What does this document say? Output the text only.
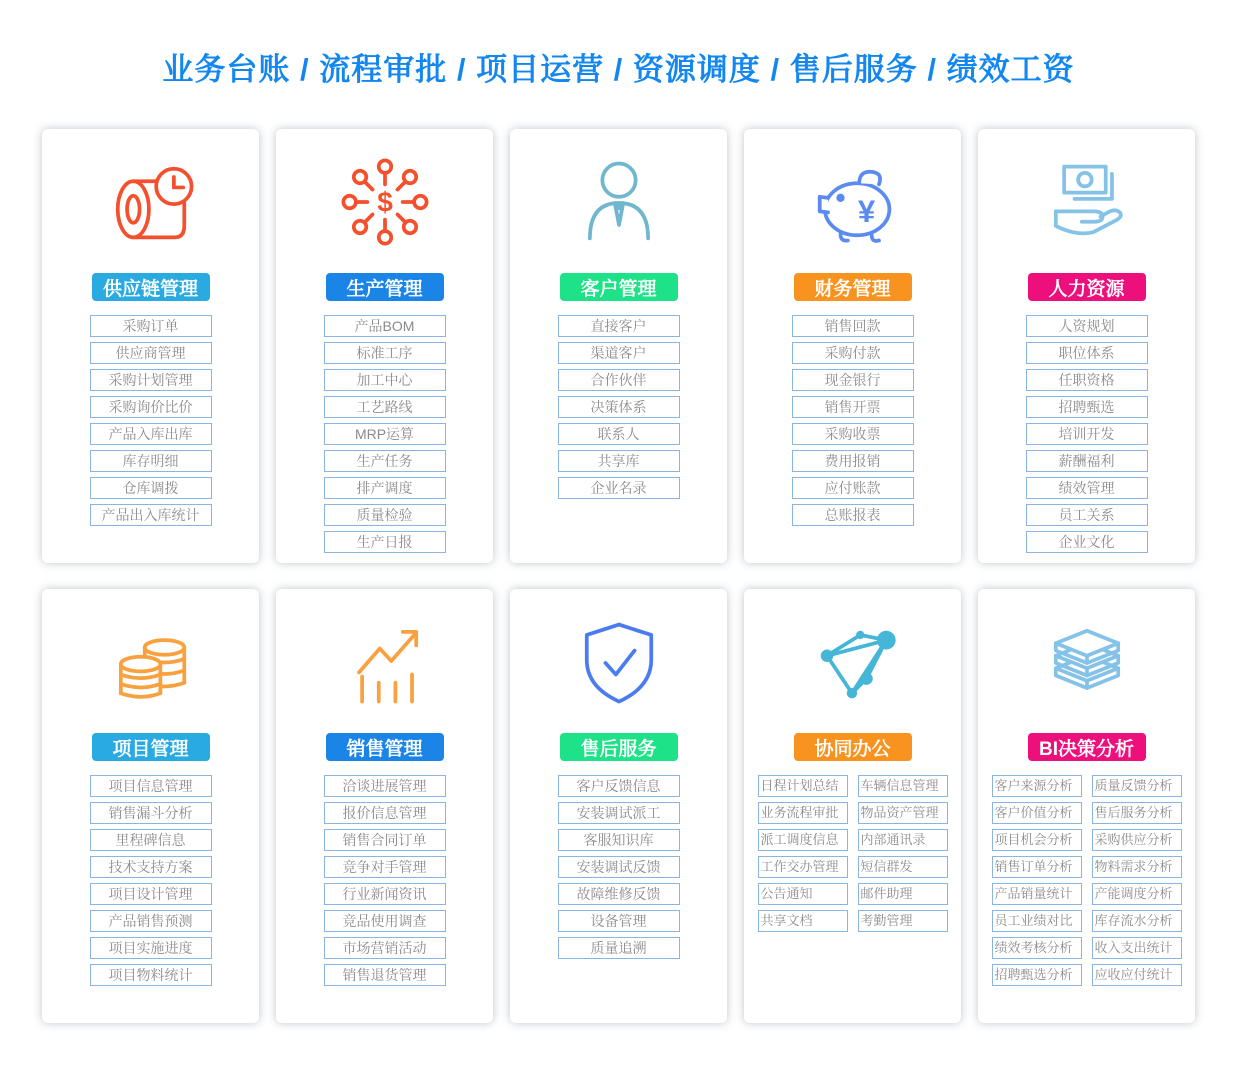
业务台账 / 流程审批 / 项目运营 / 资源调度 / 售后服务 / 绩效工资
供应链管理
采购订单
供应商管理
采购计划管理
采购询价比价
产品入库出库
库存明细
仓库调拨
产品出入库统计
$
生产管理
产品BOM
标准工序
加工中心
工艺路线
MRP运算
生产任务
排产调度
质量检验
生产日报
客户管理
直接客户
渠道客户
合作伙伴
决策体系
联系人
共享库
企业名录
¥
财务管理
销售回款
采购付款
现金银行
销售开票
采购收票
费用报销
应付账款
总账报表
人力资源
人资规划
职位体系
任职资格
招聘甄选
培训开发
薪酬福利
绩效管理
员工关系
企业文化
项目管理
项目信息管理
销售漏斗分析
里程碑信息
技术支持方案
项目设计管理
产品销售预测
项目实施进度
项目物料统计
销售管理
洽谈进展管理
报价信息管理
销售合同订单
竞争对手管理
行业新闻资讯
竞品使用调查
市场营销活动
销售退货管理
售后服务
客户反馈信息
安装调试派工
客服知识库
安装调试反馈
故障维修反馈
设备管理
质量追溯
协同办公
日程计划总结	车辆信息管理
业务流程审批	物品资产管理
派工调度信息	内部通讯录
工作交办管理	短信群发
公告通知	邮件助理
共享文档	考勤管理
BI决策分析
客户来源分析	质量反馈分析
客户价值分析	售后服务分析
项目机会分析	采购供应分析
销售订单分析	物料需求分析
产品销量统计	产能调度分析
员工业绩对比	库存流水分析
绩效考核分析	收入支出统计
招聘甄选分析	应收应付统计
